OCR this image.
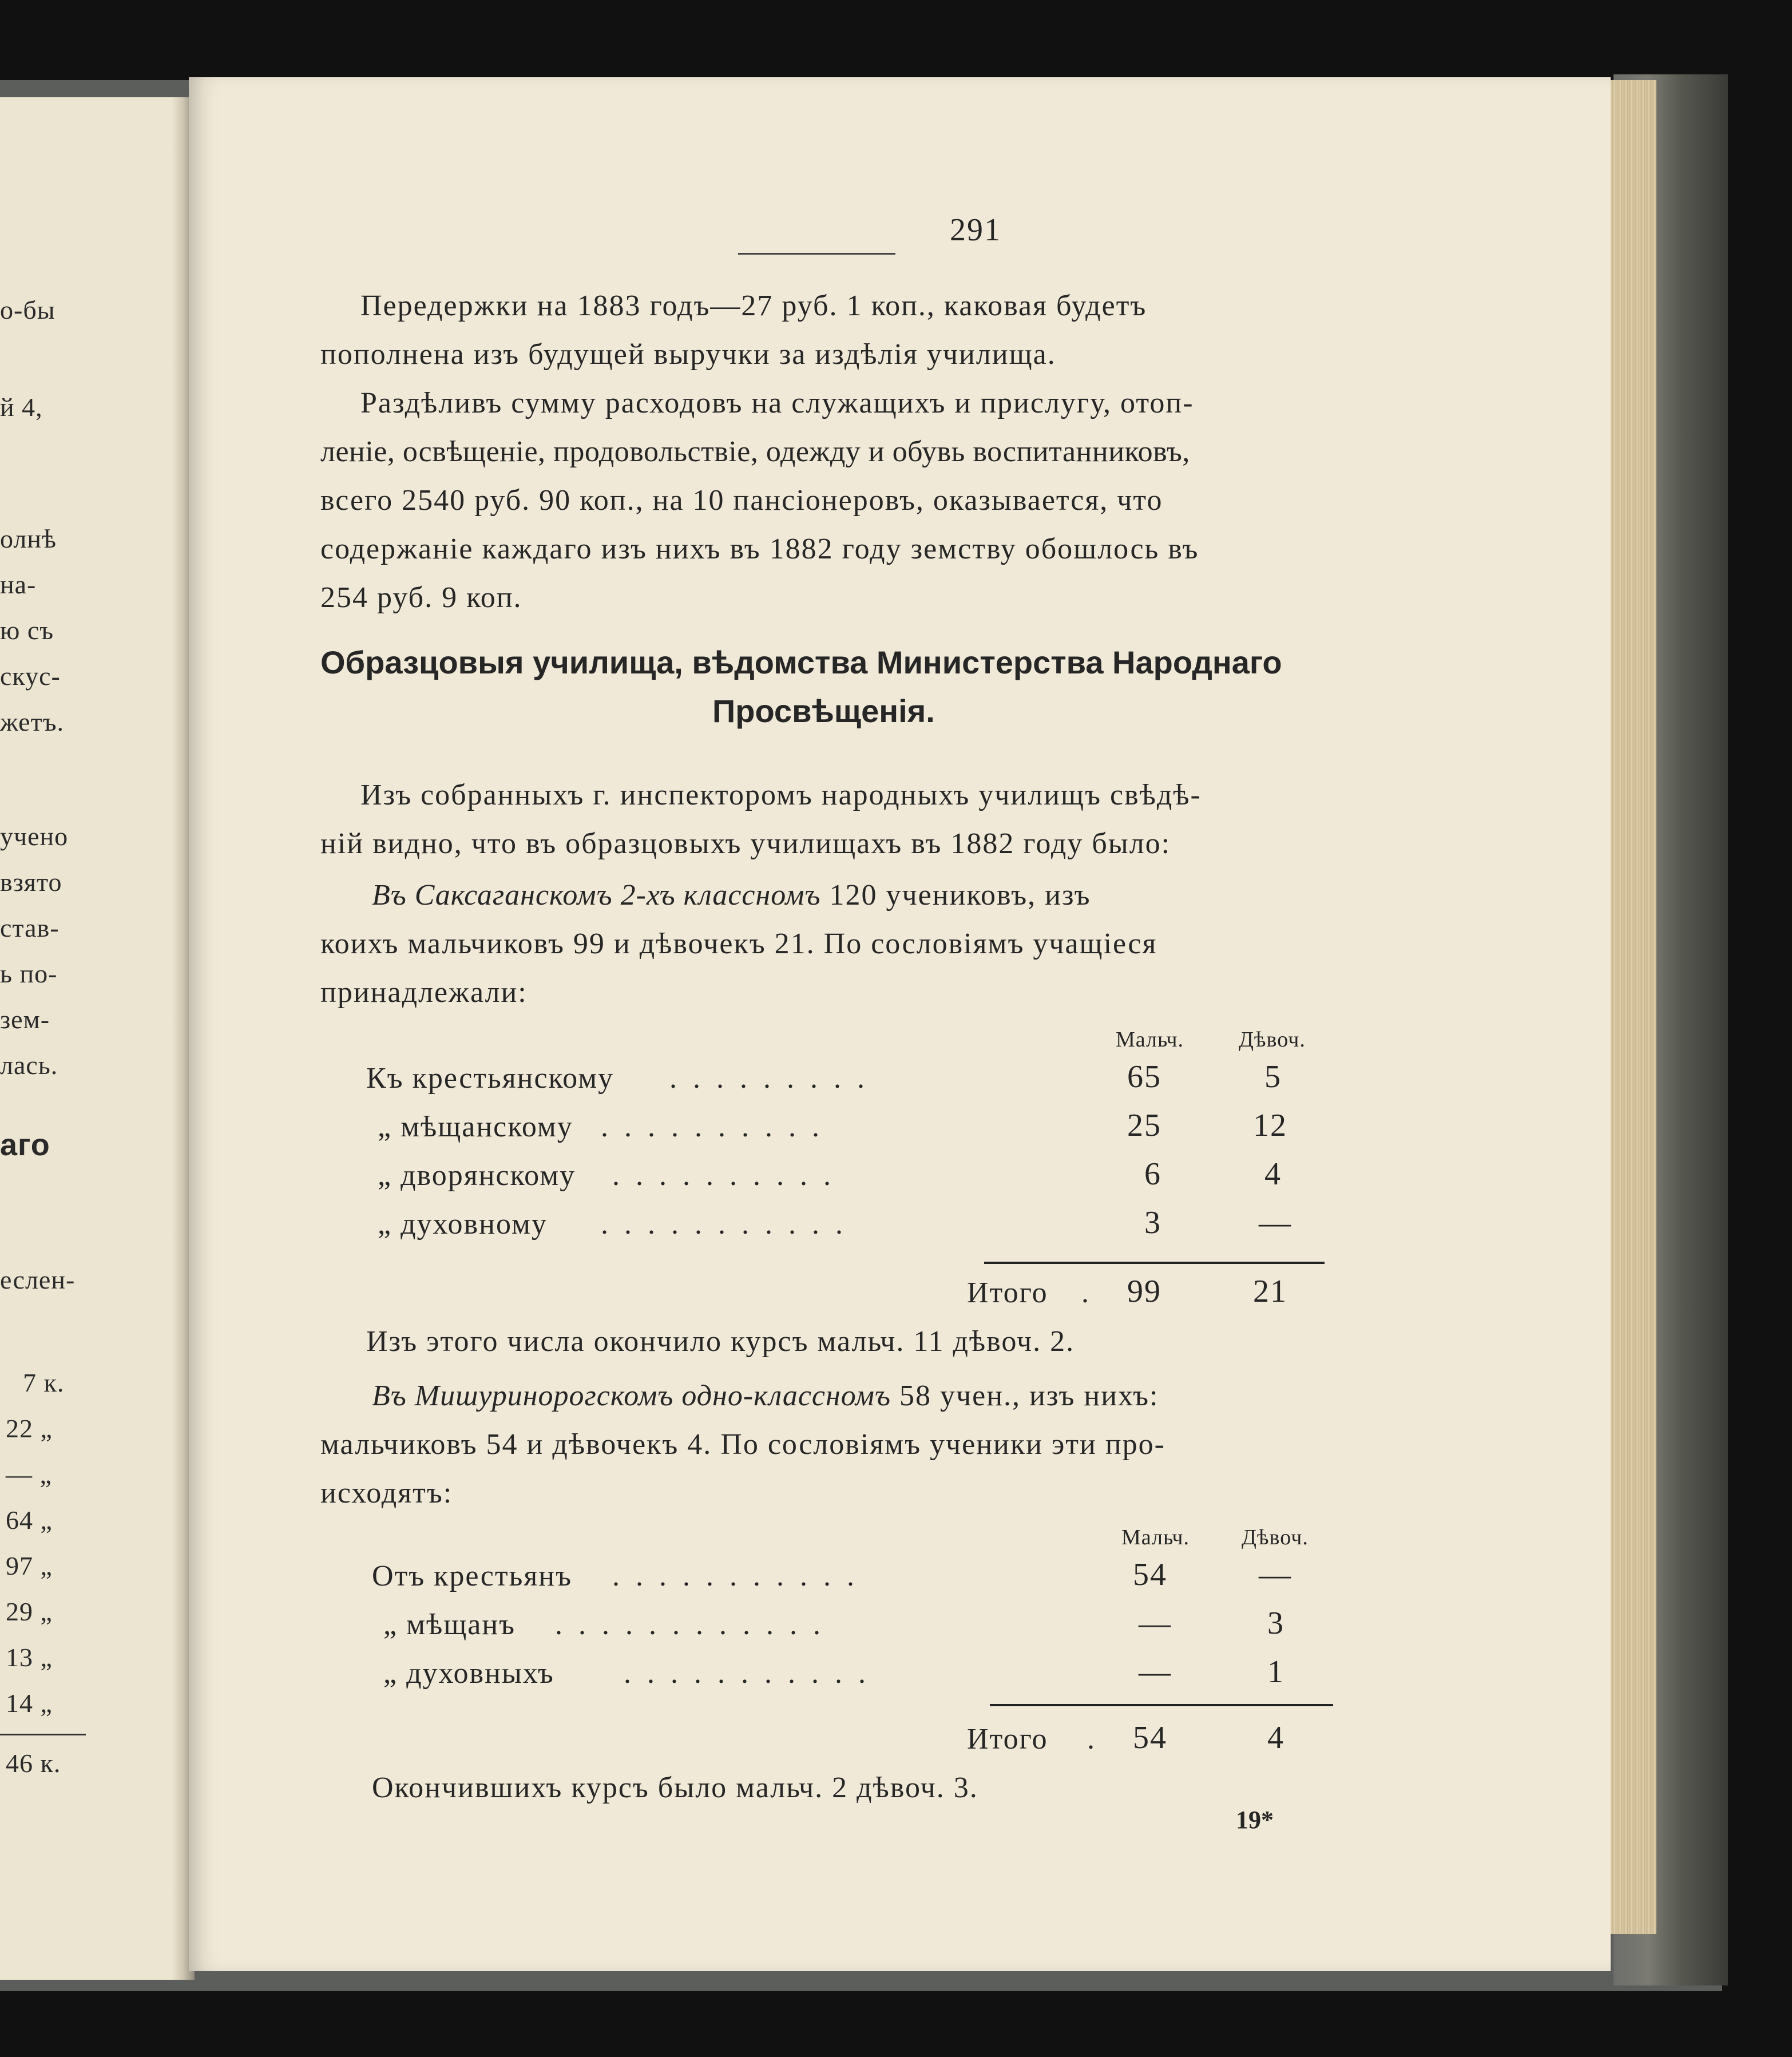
о-бы
й 4,
олнѣ
на-
ю съ
скус-
жетъ.
учено
взято
став-
ь по-
зем-
лась.
аго
еслен-
7 к.
22 „
— „
64 „
97 „
29 „
13 „
14 „
46 к.
291
Передержки на 1883 годъ—27 руб. 1 коп., каковая будетъ
пополнена изъ будущей выручки за издѣлія училища.
Раздѣливъ сумму расходовъ на служащихъ и прислугу, отоп-
леніе, освѣщеніе, продовольствіе, одежду и обувь воспитанниковъ,
всего 2540 руб. 90 коп., на 10 пансіонеровъ, оказывается, что
содержаніе каждаго изъ нихъ въ 1882 году земству обошлось въ
254 руб. 9 коп.
Образцовыя училища, вѣдомства Министерства Народнаго
Просвѣщенія.
Изъ собранныхъ г. инспекторомъ народныхъ училищъ свѣдѣ-
ній видно, что въ образцовыхъ училищахъ въ 1882 году было:
Въ Саксаганскомъ 2-хъ классномъ 120 учениковъ, изъ
коихъ мальчиковъ 99 и дѣвочекъ 21. По сословіямъ учащіеся
принадлежали:
Мальч.	Дѣвоч.
Къ крестьянскому .........	65	5
„ мѣщанскому ..........	25	12
„ дворянскому ..........	6	4
„ духовному ...........	3	—
Итого . 99	21
Изъ этого числа окончило курсъ мальч. 11 дѣвоч. 2.
Въ Мишуринорогскомъ одно-классномъ 58 учен., изъ нихъ:
мальчиковъ 54 и дѣвочекъ 4. По сословіямъ ученики эти про-
исходятъ:
Мальч. Дѣвоч.
Отъ крестьянъ ...........	54	—
„ мѣщанъ ............	—	3
„ духовныхъ ...........	—	1
Итого . 54	4
Окончившихъ курсъ было мальч. 2 дѣвоч. 3.
19*
